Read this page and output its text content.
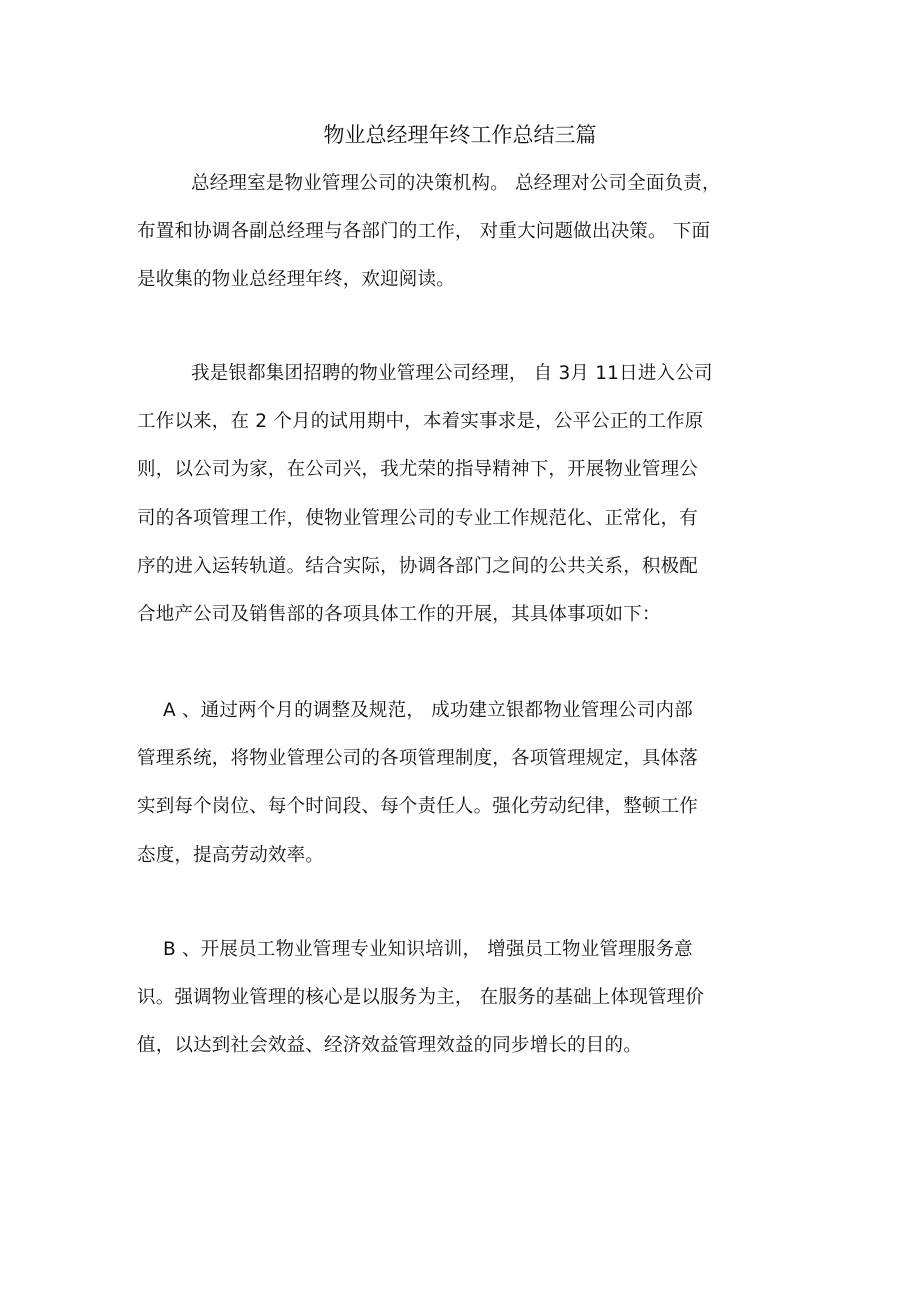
物业总经理年终工作总结三篇
总经理室是物业管理公司的决策机构。 总经理对公司全面负责，
布置和协调各副总经理与各部门的工作， 对重大问题做出决策。 下面
是收集的物业总经理年终，欢迎阅读。
我是银都集团招聘的物业管理公司经理， 自 3月 11日进入公司
工作以来，在 2 个月的试用期中，本着实事求是，公平公正的工作原
则，以公司为家，在公司兴，我尤荣的指导精神下，开展物业管理公
司的各项管理工作，使物业管理公司的专业工作规范化、正常化，有
序的进入运转轨道。结合实际，协调各部门之间的公共关系，积极配
合地产公司及销售部的各项具体工作的开展，其具体事项如下：
A 、通过两个月的调整及规范， 成功建立银都物业管理公司内部
管理系统，将物业管理公司的各项管理制度，各项管理规定，具体落
实到每个岗位、每个时间段、每个责任人。强化劳动纪律，整顿工作
态度，提高劳动效率。
B 、开展员工物业管理专业知识培训， 增强员工物业管理服务意
识。强调物业管理的核心是以服务为主， 在服务的基础上体现管理价
值，以达到社会效益、经济效益管理效益的同步增长的目的。
